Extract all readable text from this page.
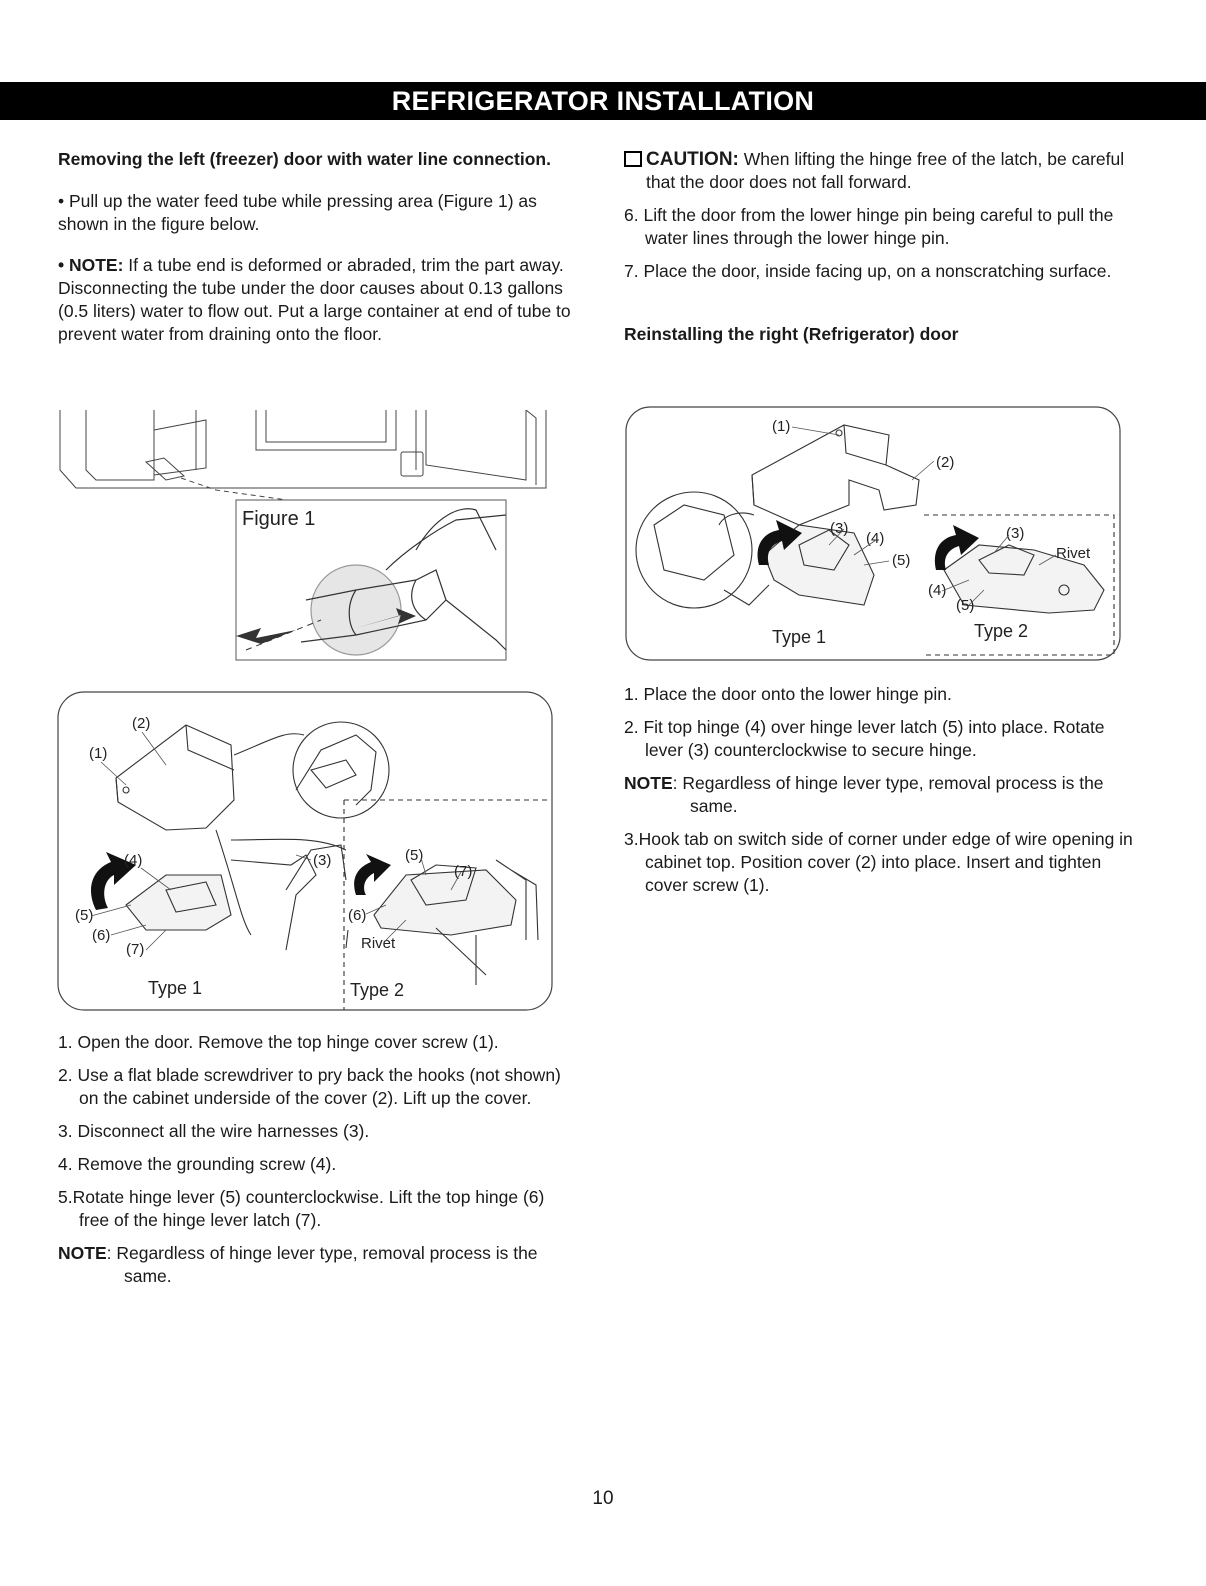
REFRIGERATOR INSTALLATION
Removing the left (freezer) door with water line connection.

• Pull up the water feed tube while pressing area (Figure 1) as shown in the figure below.

• NOTE: If a tube end is deformed or abraded, trim the part away. Disconnecting the tube under the door causes about 0.13 gallons (0.5 liters) water to flow out. Put a large container at end of tube to prevent water from draining onto the floor.

Figure 1
(2)
(1)
(4)	(3)
(5)
(6)
(7)
(5)
(7)
(6)
Rivet
Type 1	Type 2

1. Open the door. Remove the top hinge cover screw (1).

2. Use a flat blade screwdriver to pry back the hooks (not shown) on the cabinet underside of the cover (2). Lift up the cover.

3. Disconnect all the wire harnesses (3).

4. Remove the grounding screw (4).

5.Rotate hinge lever (5) counterclockwise. Lift the top hinge (6) free of the hinge lever latch (7).

NOTE: Regardless of hinge lever type, removal process is the same.

CAUTION: When lifting the hinge free of the latch, be careful that the door does not fall forward.

6. Lift the door from the lower hinge pin being careful to pull the water lines through the lower hinge pin.

7. Place the door, inside facing up, on a nonscratching surface.

Reinstalling the right (Refrigerator) door
(1)
(2)
(3)
(4)
(5)
(3)
Rivet
(4)
(5)
Type 1	Type 2

1. Place the door onto the lower hinge pin.

2. Fit top hinge (4) over hinge lever latch (5) into place. Rotate lever (3) counterclockwise to secure hinge.

NOTE: Regardless of hinge lever type, removal process is the same.

3.Hook tab on switch side of corner under edge of wire opening in cabinet top. Position cover (2) into place. Insert and tighten cover screw (1).

10
